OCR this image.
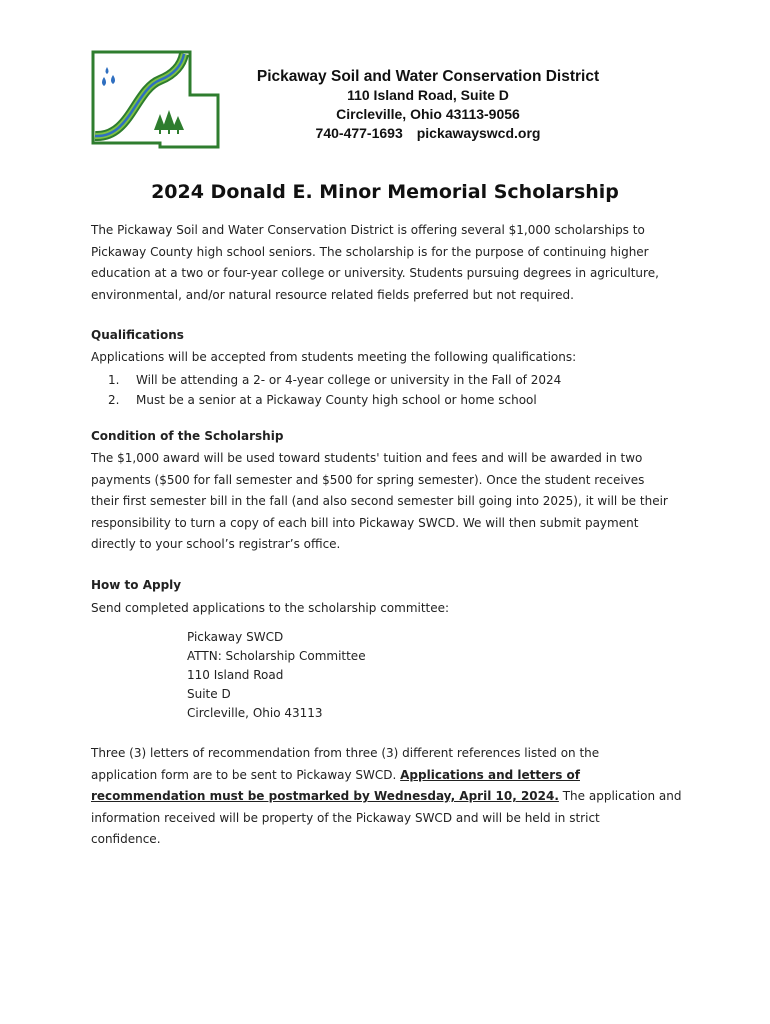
Pickaway Soil and Water Conservation District
110 Island Road, Suite D
Circleville, Ohio 43113-9056
740-477-1693 pickawayswcd.org
2024 Donald E. Minor Memorial Scholarship
The Pickaway Soil and Water Conservation District is offering several $1,000 scholarships to
Pickaway County high school seniors. The scholarship is for the purpose of continuing higher
education at a two or four-year college or university. Students pursuing degrees in agriculture,
environmental, and/or natural resource related fields preferred but not required.
Qualifications
Applications will be accepted from students meeting the following qualifications:
1. Will be attending a 2- or 4-year college or university in the Fall of 2024
2. Must be a senior at a Pickaway County high school or home school
Condition of the Scholarship
The $1,000 award will be used toward students' tuition and fees and will be awarded in two
payments ($500 for fall semester and $500 for spring semester). Once the student receives
their first semester bill in the fall (and also second semester bill going into 2025), it will be their
responsibility to turn a copy of each bill into Pickaway SWCD. We will then submit payment
directly to your school’s registrar’s office.
How to Apply
Send completed applications to the scholarship committee:
Pickaway SWCD
ATTN: Scholarship Committee
110 Island Road
Suite D
Circleville, Ohio 43113
Three (3) letters of recommendation from three (3) different references listed on the
application form are to be sent to Pickaway SWCD. Applications and letters of
recommendation must be postmarked by Wednesday, April 10, 2024. The application and
information received will be property of the Pickaway SWCD and will be held in strict
confidence.
